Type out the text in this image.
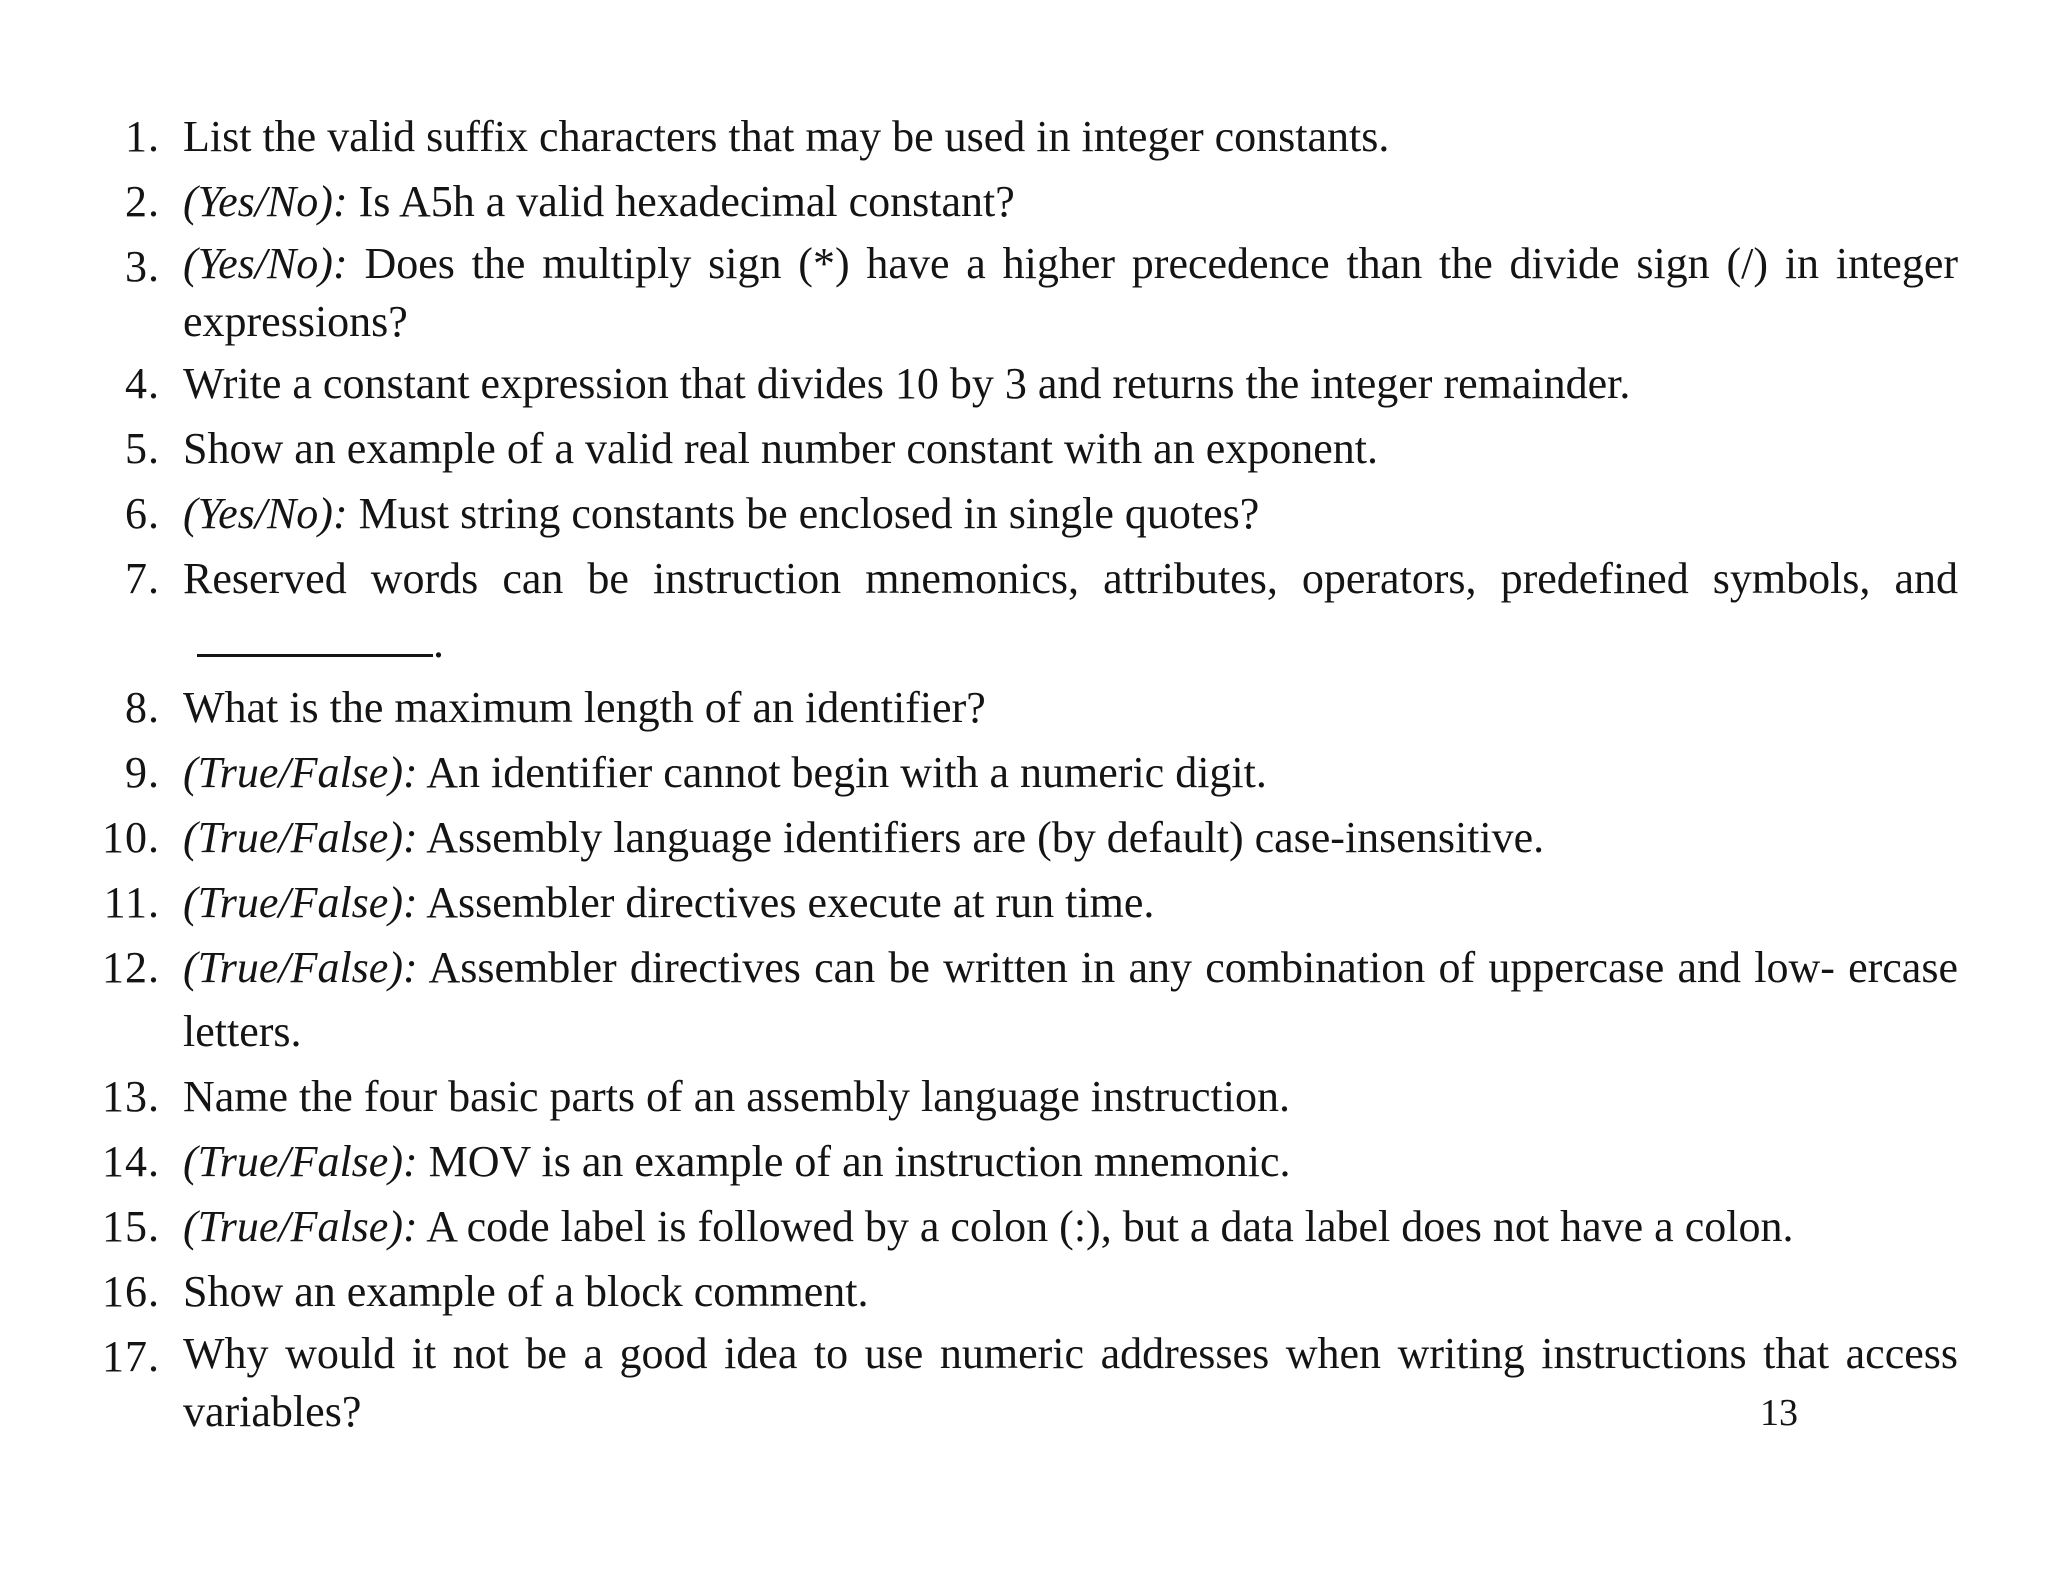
1. List the valid suffix characters that may be used in integer constants.
2. (Yes/No): Is A5h a valid hexadecimal constant?
3. (Yes/No): Does the multiply sign (*) have a higher precedence than the divide sign (/) in integer expressions?
4. Write a constant expression that divides 10 by 3 and returns the integer remainder.
5. Show an example of a valid real number constant with an exponent.
6. (Yes/No): Must string constants be enclosed in single quotes?
7. Reserved words can be instruction mnemonics, attributes, operators, predefined symbols, and.
8. What is the maximum length of an identifier?
9. (True/False): An identifier cannot begin with a numeric digit.
10. (True/False): Assembly language identifiers are (by default) case-insensitive.
11. (True/False): Assembler directives execute at run time.
12. (True/False): Assembler directives can be written in any combination of uppercase and low- ercase letters.
13. Name the four basic parts of an assembly language instruction.
14. (True/False): MOV is an example of an instruction mnemonic.
15. (True/False): A code label is followed by a colon (:), but a data label does not have a colon.
16. Show an example of a block comment.
17. Why would it not be a good idea to use numeric addresses when writing instructions that access variables?	13
